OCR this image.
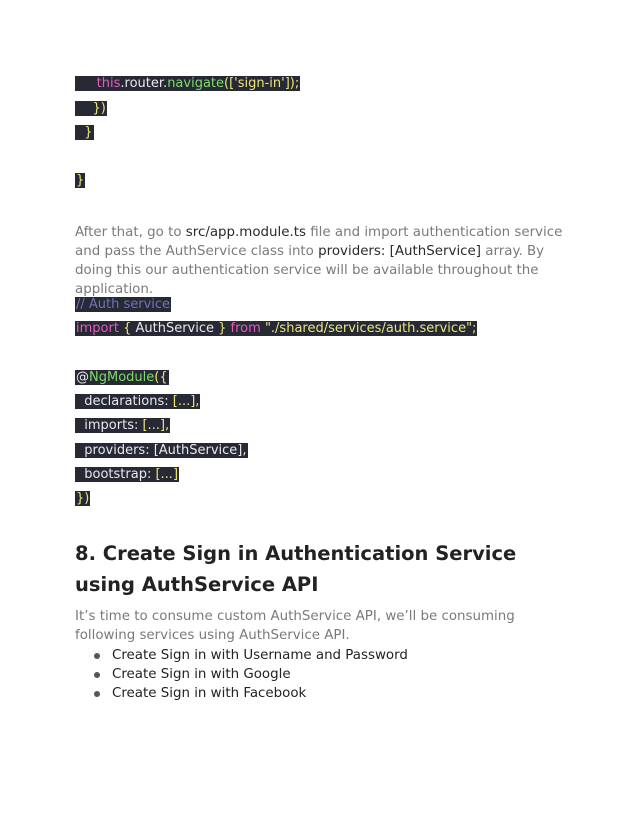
this.router.navigate(['sign-in']);
})
}
}
After that, go to src/app.module.ts file and import authentication service and pass the AuthService class into providers: [AuthService] array. By doing this our authentication service will be available throughout the application.
// Auth service
import { AuthService } from "./shared/services/auth.service";
@NgModule({
declarations: [...],
imports: [...],
providers: [AuthService],
bootstrap: [...]
})
8. Create Sign in Authentication Service using AuthService API
It’s time to consume custom AuthService API, we’ll be consuming following services using AuthService API.
Create Sign in with Username and Password
Create Sign in with Google
Create Sign in with Facebook
